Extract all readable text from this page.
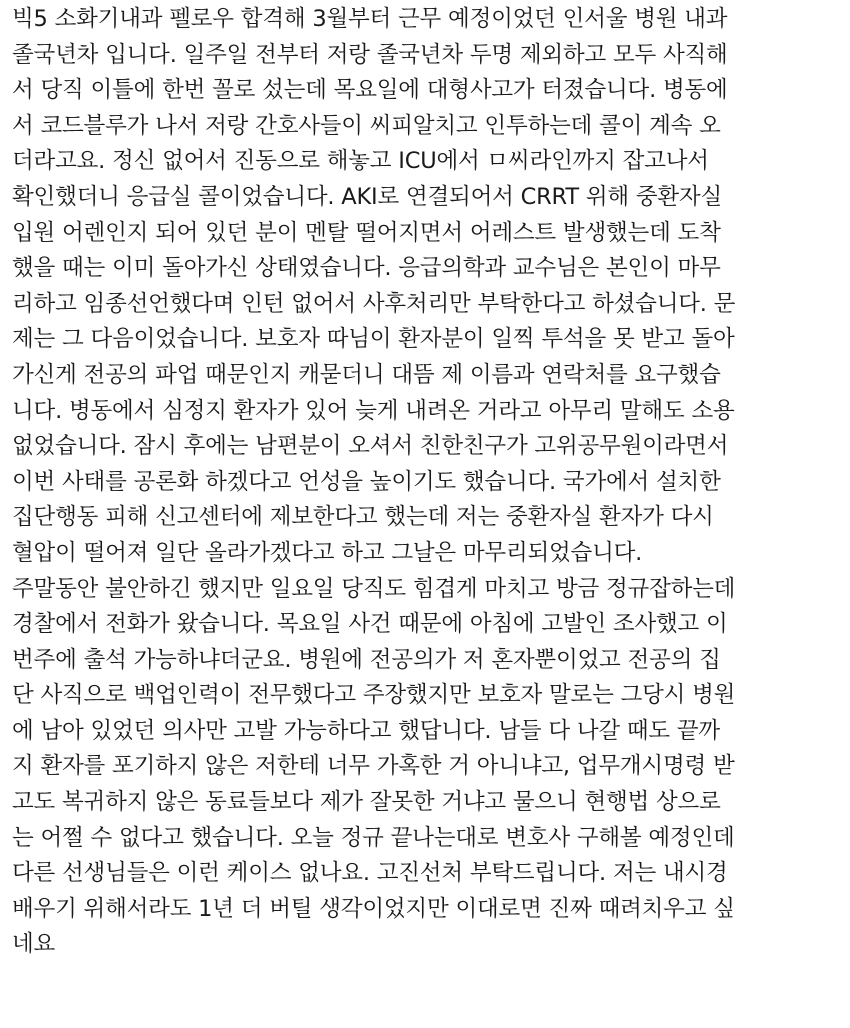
빅5 소화기내과 펠로우 합격해 3월부터 근무 예정이었던 인서울 병원 내과
졸국년차 입니다. 일주일 전부터 저랑 졸국년차 두명 제외하고 모두 사직해
서 당직 이틀에 한번 꼴로 섰는데 목요일에 대형사고가 터졌습니다. 병동에
서 코드블루가 나서 저랑 간호사들이 씨피알치고 인투하는데 콜이 계속 오
더라고요. 정신 없어서 진동으로 해놓고 ICU에서 ㅁ씨라인까지 잡고나서
확인했더니 응급실 콜이었습니다. AKI로 연결되어서 CRRT 위해 중환자실
입원 어렌인지 되어 있던 분이 멘탈 떨어지면서 어레스트 발생했는데 도착
했을 때는 이미 돌아가신 상태였습니다. 응급의학과 교수님은 본인이 마무
리하고 임종선언했다며 인턴 없어서 사후처리만 부탁한다고 하셨습니다. 문
제는 그 다음이었습니다. 보호자 따님이 환자분이 일찍 투석을 못 받고 돌아
가신게 전공의 파업 때문인지 캐묻더니 대뜸 제 이름과 연락처를 요구했습
니다. 병동에서 심정지 환자가 있어 늦게 내려온 거라고 아무리 말해도 소용
없었습니다. 잠시 후에는 남편분이 오셔서 친한친구가 고위공무원이라면서
이번 사태를 공론화 하겠다고 언성을 높이기도 했습니다. 국가에서 설치한
집단행동 피해 신고센터에 제보한다고 했는데 저는 중환자실 환자가 다시
혈압이 떨어져 일단 올라가겠다고 하고 그날은 마무리되었습니다.
주말동안 불안하긴 했지만 일요일 당직도 힘겹게 마치고 방금 정규잡하는데
경찰에서 전화가 왔습니다. 목요일 사건 때문에 아침에 고발인 조사했고 이
번주에 출석 가능하냐더군요. 병원에 전공의가 저 혼자뿐이었고 전공의 집
단 사직으로 백업인력이 전무했다고 주장했지만 보호자 말로는 그당시 병원
에 남아 있었던 의사만 고발 가능하다고 했답니다. 남들 다 나갈 때도 끝까
지 환자를 포기하지 않은 저한테 너무 가혹한 거 아니냐고, 업무개시명령 받
고도 복귀하지 않은 동료들보다 제가 잘못한 거냐고 물으니 현행법 상으로
는 어쩔 수 없다고 했습니다. 오늘 정규 끝나는대로 변호사 구해볼 예정인데
다른 선생님들은 이런 케이스 없나요. 고진선처 부탁드립니다. 저는 내시경
배우기 위해서라도 1년 더 버틸 생각이었지만 이대로면 진짜 때려치우고 싶
네요
